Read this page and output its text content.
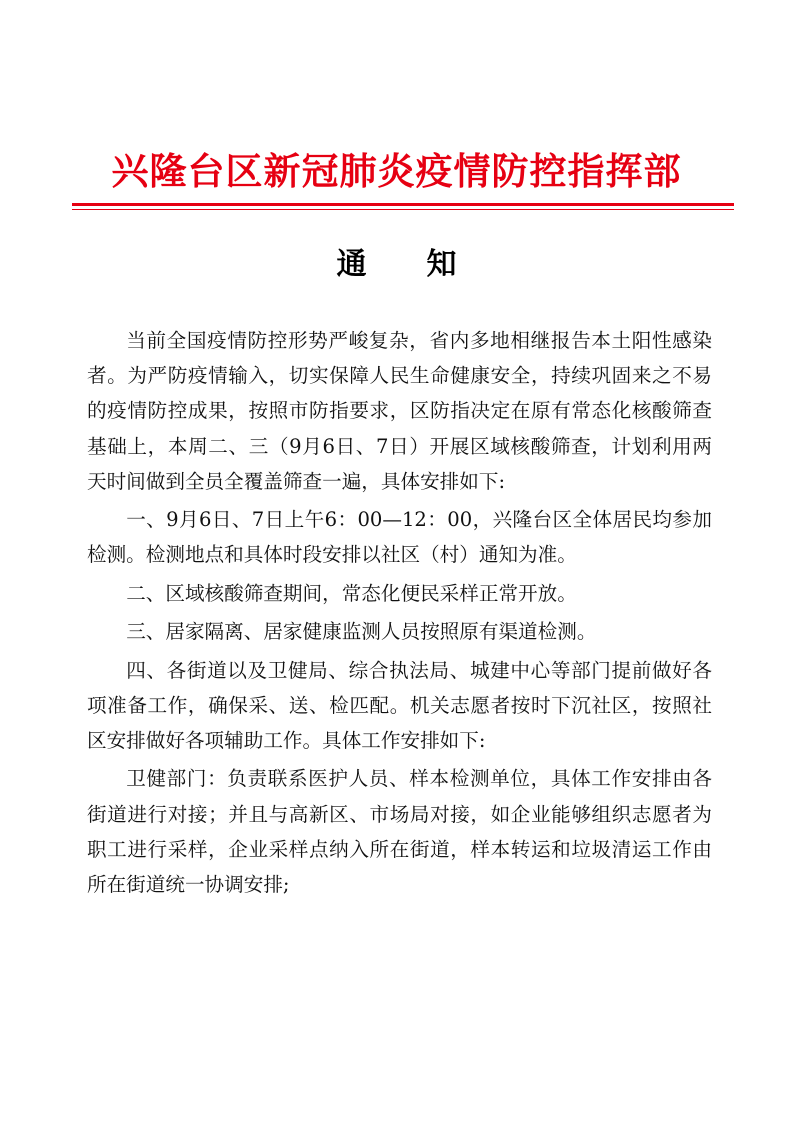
兴隆台区新冠肺炎疫情防控指挥部
通 知

当前全国疫情防控形势严峻复杂，省内多地相继报告本土阳性感染者。为严防疫情输入，切实保障人民生命健康安全，持续巩固来之不易的疫情防控成果，按照市防指要求，区防指决定在原有常态化核酸筛查基础上，本周二、三（9月6日、7日）开展区域核酸筛查，计划利用两天时间做到全员全覆盖筛查一遍，具体安排如下:

一、9月6日、7日上午6：00—12：00，兴隆台区全体居民均参加检测。检测地点和具体时段安排以社区（村）通知为准。

二、区域核酸筛查期间，常态化便民采样正常开放。

三、居家隔离、居家健康监测人员按照原有渠道检测。

四、各街道以及卫健局、综合执法局、城建中心等部门提前做好各项准备工作，确保采、送、检匹配。机关志愿者按时下沉社区，按照社区安排做好各项辅助工作。具体工作安排如下:

卫健部门：负责联系医护人员、样本检测单位，具体工作安排由各街道进行对接；并且与高新区、市场局对接，如企业能够组织志愿者为职工进行采样，企业采样点纳入所在街道，样本转运和垃圾清运工作由所在街道统一协调安排;
